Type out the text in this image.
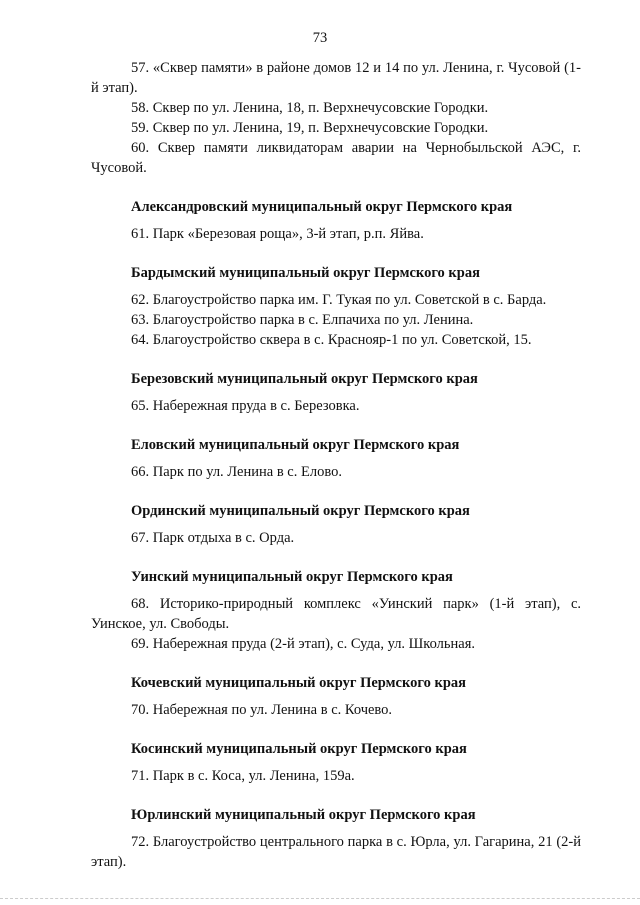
73

57. «Сквер памяти» в районе домов 12 и 14 по ул. Ленина, г. Чусовой (1-й этап).

58. Сквер по ул. Ленина, 18, п. Верхнечусовские Городки.

59. Сквер по ул. Ленина, 19, п. Верхнечусовские Городки.

60. Сквер памяти ликвидаторам аварии на Чернобыльской АЭС, г. Чусовой.

Александровский муниципальный округ Пермского края

61. Парк «Березовая роща», 3-й этап, р.п. Яйва.

Бардымский муниципальный округ Пермского края

62. Благоустройство парка им. Г. Тукая по ул. Советской в с. Барда.

63. Благоустройство парка в с. Елпачиха по ул. Ленина.

64. Благоустройство сквера в с. Краснояр-1 по ул. Советской, 15.

Березовский муниципальный округ Пермского края

65. Набережная пруда в с. Березовка.

Еловский муниципальный округ Пермского края

66. Парк по ул. Ленина в с. Елово.

Ординский муниципальный округ Пермского края

67. Парк отдыха в с. Орда.

Уинский муниципальный округ Пермского края

68. Историко-природный комплекс «Уинский парк» (1-й этап), с. Уинское, ул. Свободы.

69. Набережная пруда (2-й этап), с. Суда, ул. Школьная.

Кочевский муниципальный округ Пермского края

70. Набережная по ул. Ленина в с. Кочево.

Косинский муниципальный округ Пермского края

71. Парк в с. Коса, ул. Ленина, 159а.

Юрлинский муниципальный округ Пермского края

72. Благоустройство центрального парка в с. Юрла, ул. Гагарина, 21 (2-й этап).
